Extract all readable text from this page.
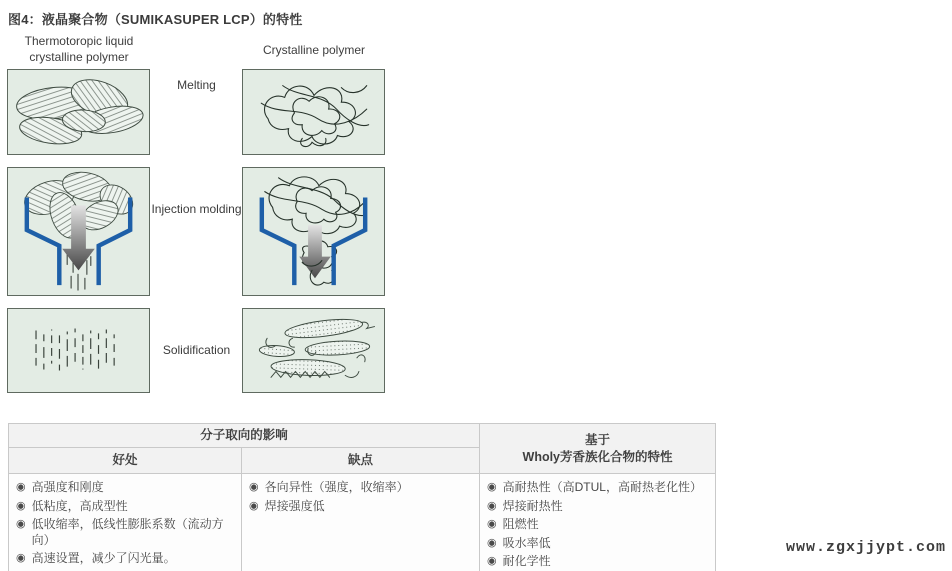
图4：液晶聚合物（SUMIKASUPER LCP）的特性
Thermotoropic liquid crystalline polymer	Crystalline polymer
Melting
Injection molding
Solidification
分子取向的影响		基于
Wholy芳香族化合物的特性

好处	缺点	

◉ 高强度和刚度
◉ 低粘度，高成型性
◉ 低收缩率，低线性膨胀系数（流动方向）
◉ 高速设置，减少了闪光量。

◉ 各向异性（强度，收缩率）
◉ 焊接强度低

◉ 高耐热性（高DTUL，高耐热老化性）
◉ 焊接耐热性
◉ 阻燃性
◉ 吸水率低
◉ 耐化学性
www.zgxjjypt.com
